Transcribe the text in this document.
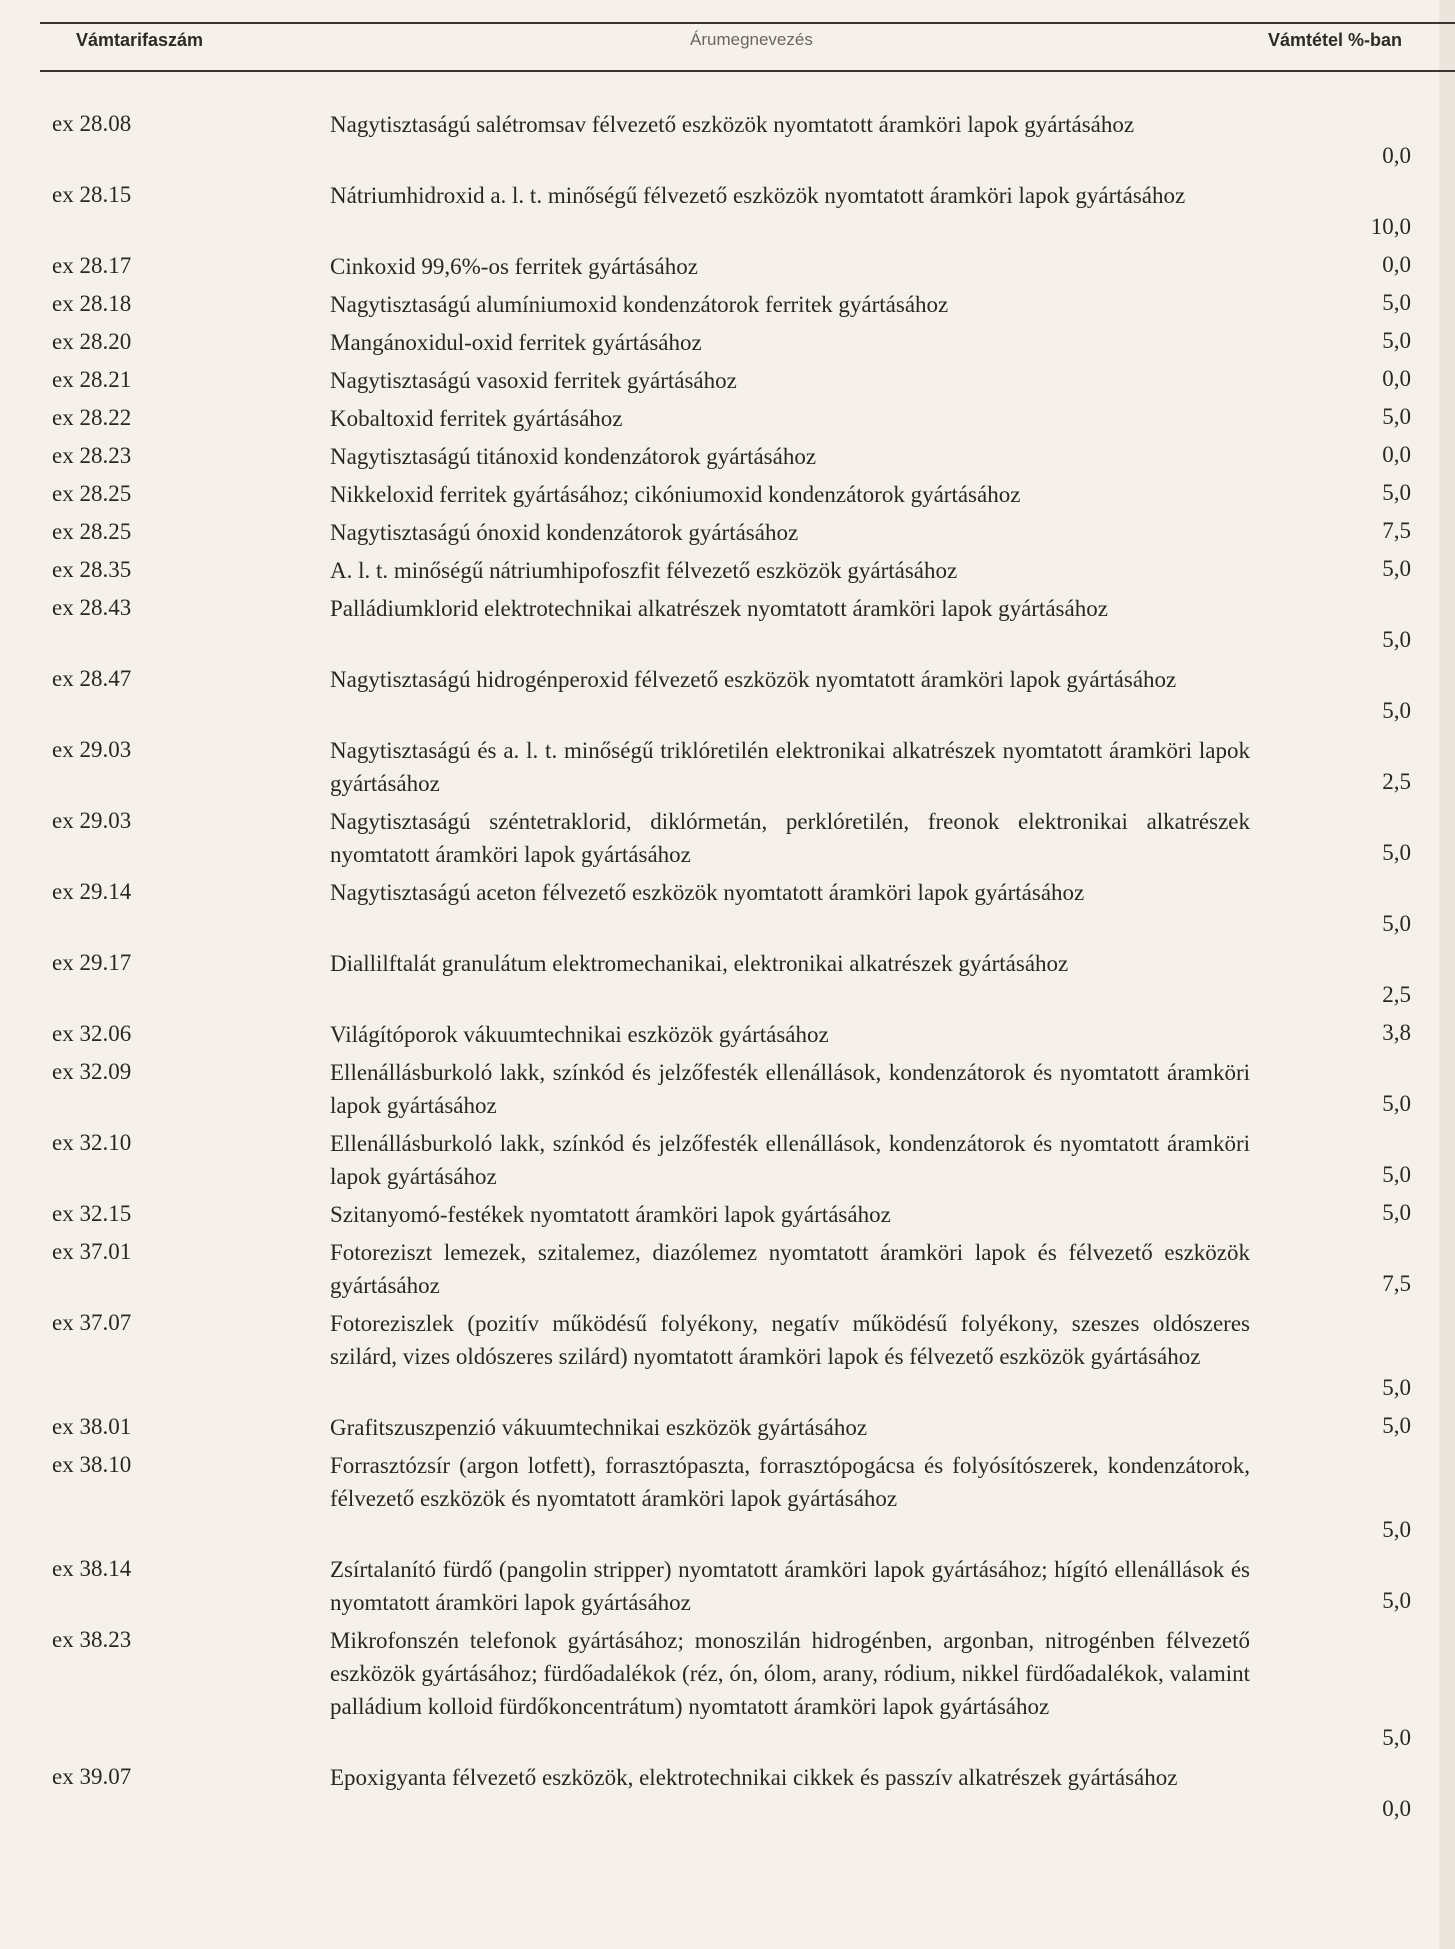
Vámtarifaszám	Árumegnevezés	Vámtétel %-ban
ex 28.08	Nagytisztaságú salétromsav félvezető eszközök nyomtatott áramköri lapok gyártásához
0,0
ex 28.15	Nátriumhidroxid a. l. t. minőségű félvezető eszközök nyomtatott áramköri lapok gyártásához
10,0
ex 28.17	Cinkoxid 99,6%-os ferritek gyártásához	0,0
ex 28.18	Nagytisztaságú alumíniumoxid kondenzátorok ferritek gyártásához	5,0
ex 28.20	Mangánoxidul-oxid ferritek gyártásához	5,0
ex 28.21	Nagytisztaságú vasoxid ferritek gyártásához	0,0
ex 28.22	Kobaltoxid ferritek gyártásához	5,0
ex 28.23	Nagytisztaságú titánoxid kondenzátorok gyártásához	0,0
ex 28.25	Nikkeloxid ferritek gyártásához; cikóniumoxid kondenzátorok gyártásához	5,0
ex 28.25	Nagytisztaságú ónoxid kondenzátorok gyártásához	7,5
ex 28.35	A. l. t. minőségű nátriumhipofoszfit félvezető eszközök gyártásához	5,0
ex 28.43	Palládiumklorid elektrotechnikai alkatrészek nyomtatott áramköri lapok gyártásához
5,0
ex 28.47	Nagytisztaságú hidrogénperoxid félvezető eszközök nyomtatott áramköri lapok gyártásához
5,0
ex 29.03	Nagytisztaságú és a. l. t. minőségű triklóretilén elektronikai alkatrészek nyomtatott áramköri lapok gyártásához	2,5
ex 29.03	Nagytisztaságú széntetraklorid, diklórmetán, perklóretilén, freonok elektronikai alkatrészek nyomtatott áramköri lapok gyártásához	5,0
ex 29.14	Nagytisztaságú aceton félvezető eszközök nyomtatott áramköri lapok gyártásához
5,0
ex 29.17	Diallilftalát granulátum elektromechanikai, elektronikai alkatrészek gyártásához
2,5
ex 32.06	Világítóporok vákuumtechnikai eszközök gyártásához	3,8
ex 32.09	Ellenállásburkoló lakk, színkód és jelzőfesték ellenállások, kondenzátorok és nyomtatott áramköri lapok gyártásához	5,0
ex 32.10	Ellenállásburkoló lakk, színkód és jelzőfesték ellenállások, kondenzátorok és nyomtatott áramköri lapok gyártásához	5,0
ex 32.15	Szitanyomó-festékek nyomtatott áramköri lapok gyártásához	5,0
ex 37.01	Fotoreziszt lemezek, szitalemez, diazólemez nyomtatott áramköri lapok és félvezető eszközök gyártásához	7,5
ex 37.07	Fotoreziszlek (pozitív működésű folyékony, negatív működésű folyékony, szeszes oldószeres szilárd, vizes oldószeres szilárd) nyomtatott áramköri lapok és félvezető eszközök gyártásához
5,0
ex 38.01	Grafitszuszpenzió vákuumtechnikai eszközök gyártásához	5,0
ex 38.10	Forrasztózsír (argon lotfett), forrasztópaszta, forrasztópogácsa és folyósítószerek, kondenzátorok, félvezető eszközök és nyomtatott áramköri lapok gyártásához
5,0
ex 38.14	Zsírtalanító fürdő (pangolin stripper) nyomtatott áramköri lapok gyártásához; hígító ellenállások és nyomtatott áramköri lapok gyártásához	5,0
ex 38.23	Mikrofonszén telefonok gyártásához; monoszilán hidrogénben, argonban, nitrogénben félvezető eszközök gyártásához; fürdőadalékok (réz, ón, ólom, arany, ródium, nikkel fürdőadalékok, valamint palládium kolloid fürdőkoncentrátum) nyomtatott áramköri lapok gyártásához
5,0
ex 39.07	Epoxigyanta félvezető eszközök, elektrotechnikai cikkek és passzív alkatrészek gyártásához
0,0
